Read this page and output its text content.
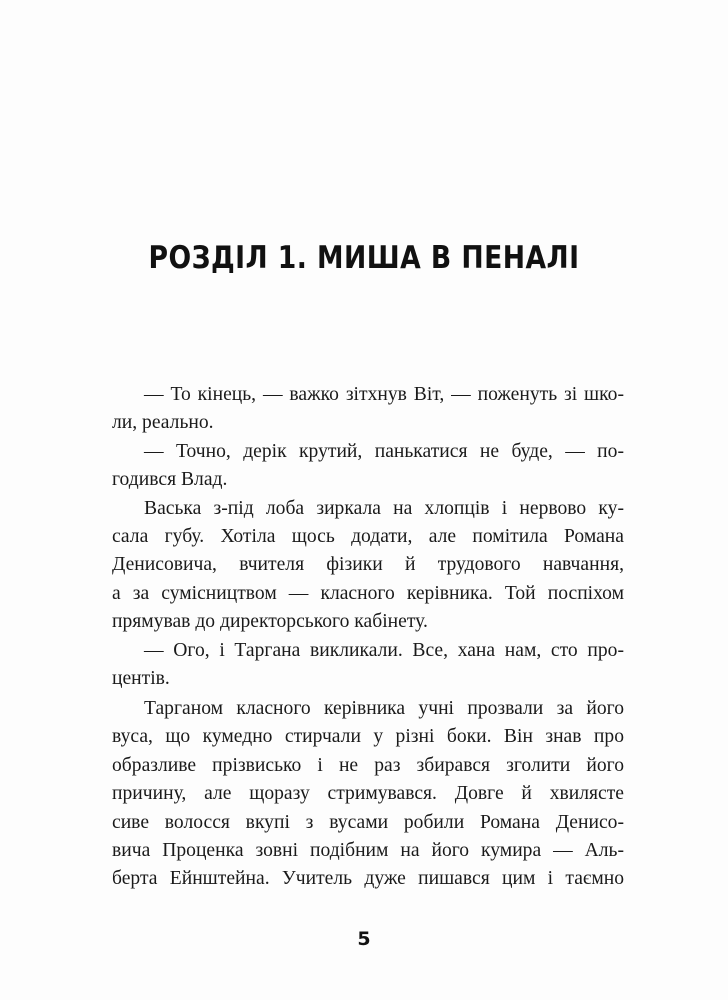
РОЗДІЛ 1. МИША В ПЕНАЛІ
— То кінець, — важко зітхнув Віт, — поженуть зі шко-
ли, реально.
— Точно, дерік крутий, панькатися не буде, — по-
годився Влад.
Васька з-під лоба зиркала на хлопців і нервово ку-
сала губу. Хотіла щось додати, але помітила Романа
Денисовича, вчителя фізики й трудового навчання,
а за сумісництвом — класного керівника. Той поспіхом
прямував до директорського кабінету.
— Ого, і Таргана викликали. Все, хана нам, сто про-
центів.
Тарганом класного керівника учні прозвали за його
вуса, що кумедно стирчали у різні боки. Він знав про
образливе прізвисько і не раз збирався зголити його
причину, але щоразу стримувався. Довге й хвилясте
сиве волосся вкупі з вусами робили Романа Денисо-
вича Проценка зовні подібним на його кумира — Аль-
берта Ейнштейна. Учитель дуже пишався цим і таємно
5
